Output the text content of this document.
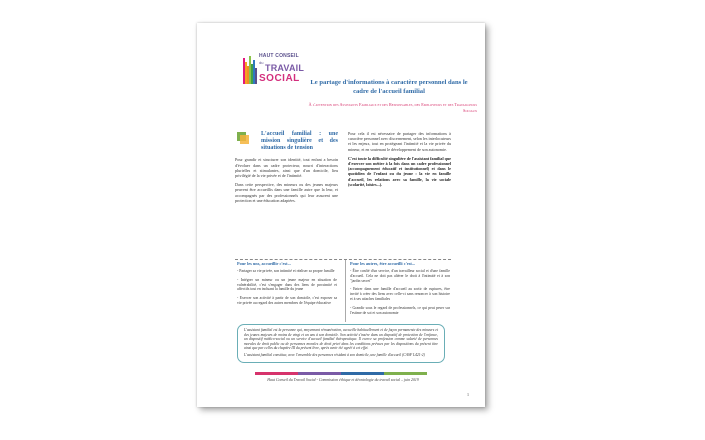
HAUT CONSEIL
du
TRAVAIL
SOCIAL	Le partage d'informations à caractère personnel dans le cadre de l'accueil familial
À l'attention des Assistants Familiaux et des Responsables, des Employeurs et des Travailleurs Sociaux
L'accueil familial : une mission singulière et des situations de tension

Pour grandir et structurer son identité, tout enfant a besoin d'évoluer dans un cadre protecteur, nourri d'interactions plurielles et stimulantes, ainsi que d'un domicile, lieu privilégié de la vie privée et de l'intimité.

Dans cette perspective, des mineurs ou des jeunes majeurs peuvent être accueillis dans une famille autre que la leur, et accompagnés par des professionnels qui leur assurent une protection et une éducation adaptées.

Pour cela il est nécessaire de partager des informations à caractère personnel avec discernement, selon les interlocuteurs et les enjeux, tout en protégeant l'intimité et la vie privée du mineur, et en soutenant le développement de son autonomie.

C'est toute la difficulté singulière de l'assistant familial que d'exercer son métier à la fois dans un cadre professionnel (accompagnement éducatif et institutionnel) et dans le quotidien de l'enfant ou du jeune : la vie en famille d'accueil, les relations avec sa famille, la vie sociale (scolarité, loisirs...).

Pour les uns, accueillir c'est...	Pour les autres, être accueilli c'est...
- Partager sa vie privée, son intimité et réaliser sa propre famille
- Intégrer un mineur ou un jeune majeur en situation de vulnérabilité, c'est s'engager dans des liens de proximité et affectifs tout en incluant la famille du jeune
- Exercer son activité à partir de son domicile, c'est exposer sa vie privée au regard des autres membres de l'équipe éducative
- Être confié d'un service, d'un travailleur social et d'une famille d'accueil. Cela ne doit pas altérer le droit à l'intimité et à son "jardin secret"
- Entrer dans une famille d'accueil au sortir de ruptures, être invité à créer des liens avec celle-ci sans renoncer à son histoire et à ses attaches familiales
- Grandir sous le regard de professionnels, ce qui peut peser sur l'estime de soi et son autonomie

L'assistant familial est la personne qui, moyennant rémunération, accueille habituellement et de façon permanente des mineurs et des jeunes majeurs de moins de vingt et un ans à son domicile. Son activité s'insère dans un dispositif de protection de l'enfance, un dispositif médico-social ou un service d'accueil familial thérapeutique. Il exerce sa profession comme salarié de personnes morales de droit public ou de personnes morales de droit privé dans les conditions prévues par les dispositions du présent titre ainsi que par celles du chapitre III du présent livre, après avoir été agréé à cet effet.

L'assistant familial constitue, avec l'ensemble des personnes résidant à son domicile, une famille d'accueil (CASF L421-2)

Haut Conseil du Travail Social - Commission éthique et déontologie du travail social – juin 2019
1
